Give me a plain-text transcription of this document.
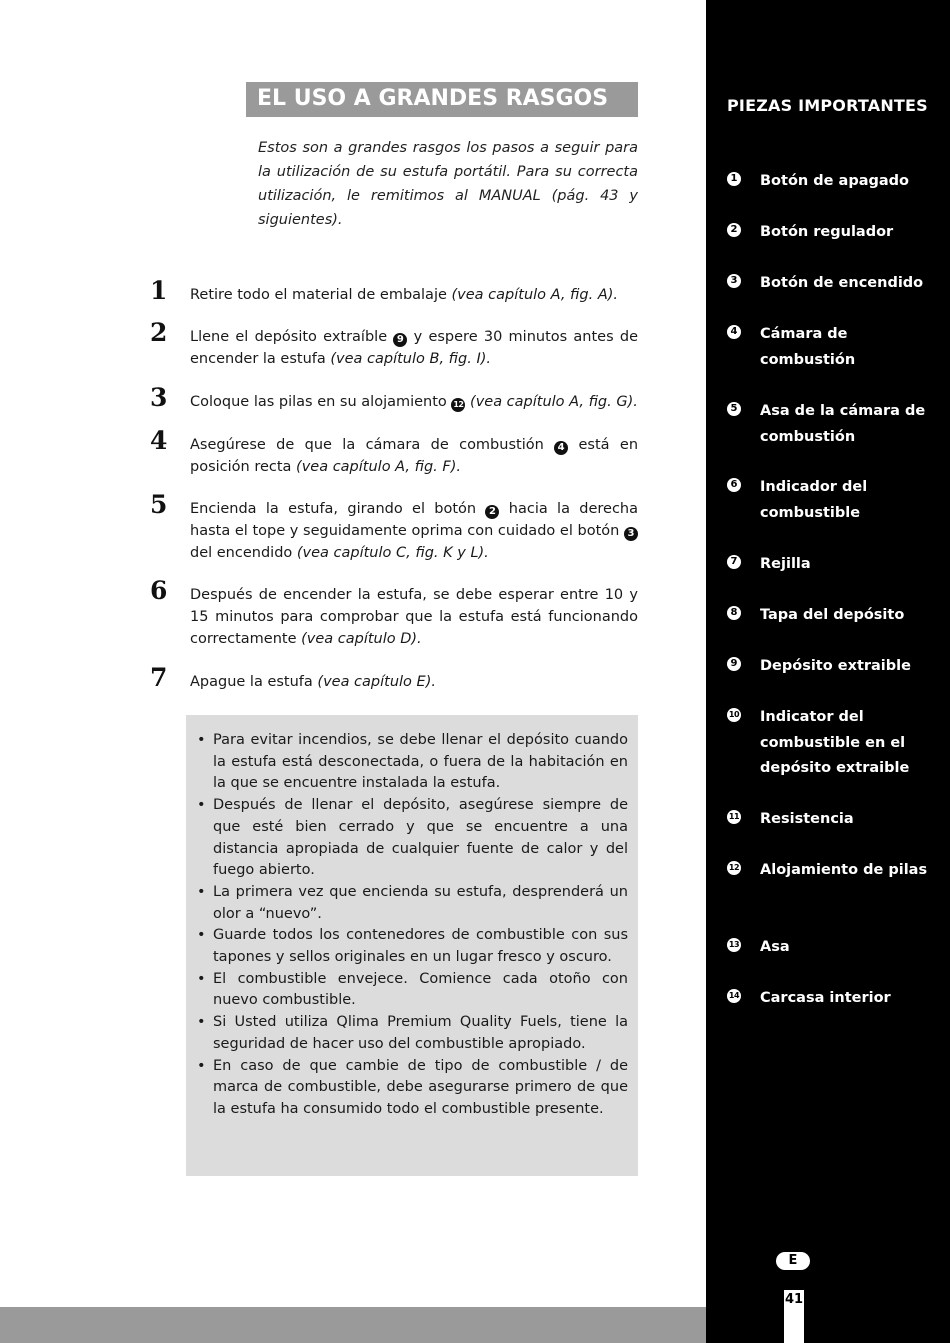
EL USO A GRANDES RASGOS
Estos son a grandes rasgos los pasos a seguir para la utilización de su estufa portátil. Para su correcta utilización, le remitimos al MANUAL (pág. 43 y siguientes).
1 Retire todo el material de embalaje (vea capítulo A, fig. A).
2 Llene el depósito extraíble 9 y espere 30 minutos antes de encender la estufa (vea capítulo B, fig. I).
3 Coloque las pilas en su alojamiento 12 (vea capítulo A, fig. G).
4 Asegúrese de que la cámara de combustión 4 está en posición recta (vea capítulo A, fig. F).
5 Encienda la estufa, girando el botón 2 hacia la derecha hasta el tope y seguidamente oprima con cuidado el botón 3 del encendido (vea capítulo C, fig. K y L).
6 Después de encender la estufa, se debe esperar entre 10 y 15 minutos para comprobar que la estufa está funcionando correctamente (vea capítulo D).
7 Apague la estufa (vea capítulo E).
• Para evitar incendios, se debe llenar el depósito cuando la estufa está desconectada, o fuera de la habitación en la que se encuentre instalada la estufa.
• Después de llenar el depósito, asegúrese siempre de que esté bien cerrado y que se encuentre a una distancia apropiada de cualquier fuente de calor y del fuego abierto.
• La primera vez que encienda su estufa, desprenderá un olor a “nuevo”.
• Guarde todos los contenedores de combustible con sus tapones y sellos originales en un lugar fresco y oscuro.
• El combustible envejece. Comience cada otoño con nuevo combustible.
• Si Usted utiliza Qlima Premium Quality Fuels, tiene la seguridad de hacer uso del combustible apropiado.
• En caso de que cambie de tipo de combustible / de marca de combustible, debe asegurarse primero de que la estufa ha consumido todo el combustible presente.
PIEZAS IMPORTANTES
1 Botón de apagado
2 Botón regulador
3 Botón de encendido
4 Cámara de combustión
5 Asa de la cámara de combustión
6 Indicador del combustible
7 Rejilla
8 Tapa del depósito
9 Depósito extraible
10 Indicator del combustible en el depósito extraible
11 Resistencia
12 Alojamiento de pilas
13 Asa
14 Carcasa interior
E
41
